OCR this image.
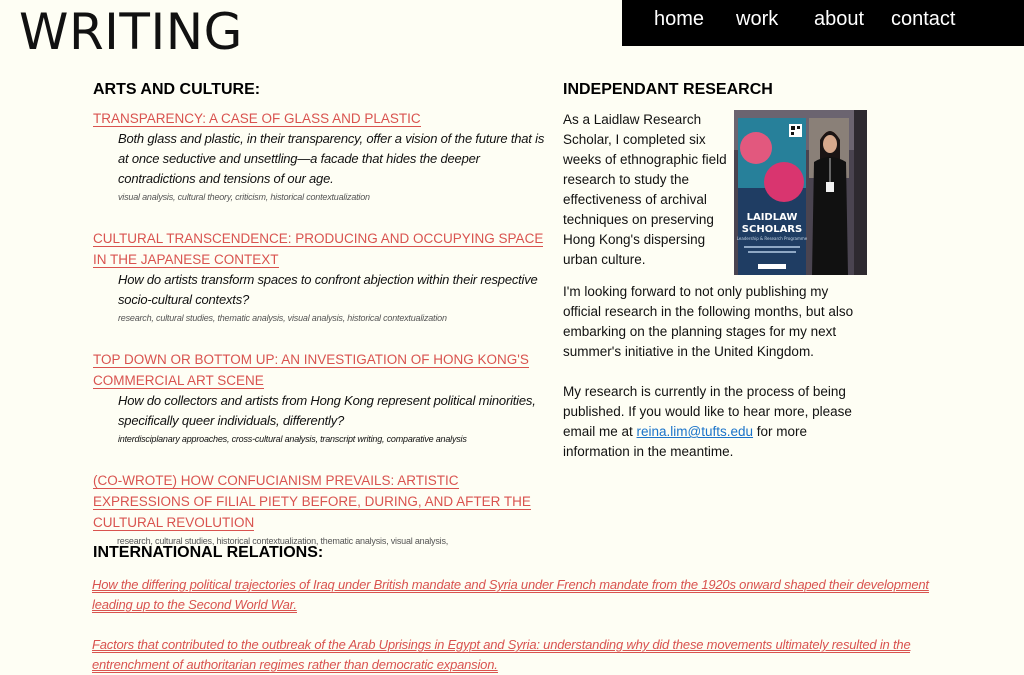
WRITING	home work about contact
ARTS AND CULTURE:
TRANSPARENCY: A CASE OF GLASS AND PLASTIC

Both glass and plastic, in their transparency, offer a vision of the future that is at once seductive and unsettling—a facade that hides the deeper contradictions and tensions of our age.

visual analysis, cultural theory, criticism, historical contextualization

CULTURAL TRANSCENDENCE: PRODUCING AND OCCUPYING SPACE IN THE JAPANESE CONTEXT

How do artists transform spaces to confront abjection within their respective socio-cultural contexts?

research, cultural studies, thematic analysis, visual analysis, historical contextualization

TOP DOWN OR BOTTOM UP: AN INVESTIGATION OF HONG KONG'S COMMERCIAL ART SCENE

How do collectors and artists from Hong Kong represent political minorities, specifically queer individuals, differently?

interdisciplanary approaches, cross-cultural analysis, transcript writing, comparative analysis

(CO-WROTE) HOW CONFUCIANISM PREVAILS: ARTISTIC EXPRESSIONS OF FILIAL PIETY BEFORE, DURING, AND AFTER THE CULTURAL REVOLUTION

research, cultural studies, historical contextualization, thematic analysis, visual analysis,

INDEPENDANT RESEARCH

As a Laidlaw Research Scholar, I completed six weeks of ethnographic field research to study the effectiveness of archival techniques on preserving Hong Kong's dispersing urban culture.

LAIDLAW
SCHOLARS
Leadership & Research Programme

I'm looking forward to not only publishing my official research in the following months, but also embarking on the planning stages for my next summer's initiative in the United Kingdom.

My research is currently in the process of being published. If you would like to hear more, please email me at reina.lim@tufts.edu for more information in the meantime.

INTERNATIONAL RELATIONS:
How the differing political trajectories of Iraq under British mandate and Syria under French mandate from the 1920s onward shaped their development leading up to the Second World War.
Factors that contributed to the outbreak of the Arab Uprisings in Egypt and Syria: understanding why did these movements ultimately resulted in the entrenchment of authoritarian regimes rather than democratic expansion.
